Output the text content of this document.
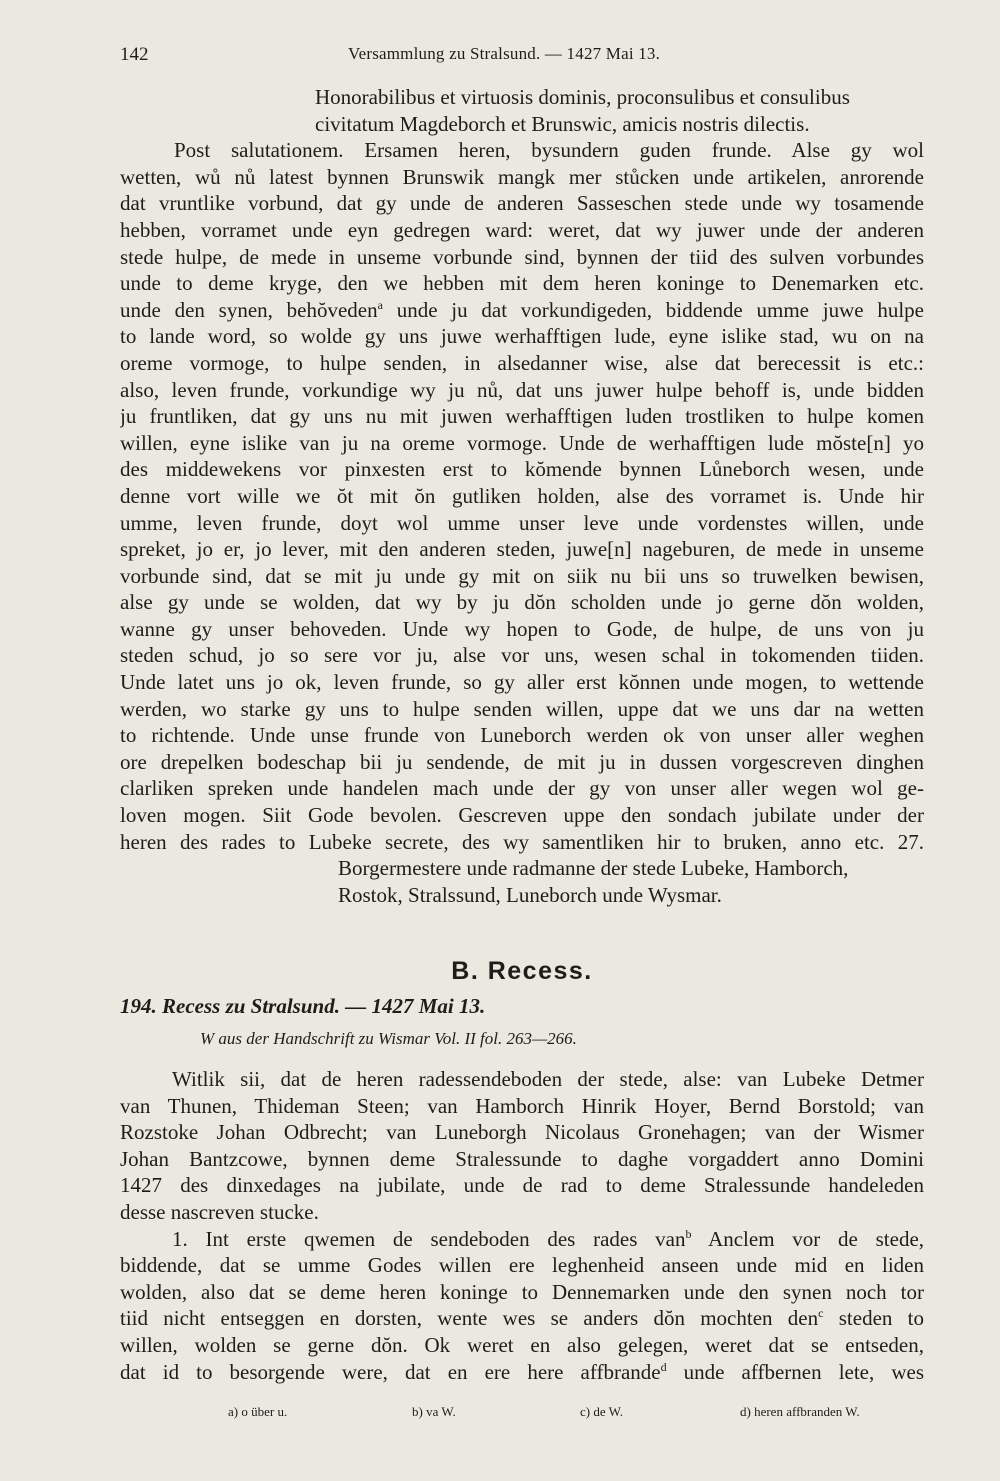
142	Versammlung zu Stralsund. — 1427 Mai 13.
Honorabilibus et virtuosis dominis, proconsulibus et consulibus
civitatum Magdeborch et Brunswic, amicis nostris dilectis.
Post salutationem. Ersamen heren, bysundern guden frunde. Alse gy wol
wetten, wů nů latest bynnen Brunswik mangk mer stůcken unde artikelen, anrorende
dat vruntlike vorbund, dat gy unde de anderen Sasseschen stede unde wy tosamende
hebben, vorramet unde eyn gedregen ward: weret, dat wy juwer unde der anderen
stede hulpe, de mede in unseme vorbunde sind, bynnen der tiid des sulven vorbundes
unde to deme kryge, den we hebben mit dem heren koninge to Denemarken etc.
unde den synen, behŏveden$^a$ unde ju dat vorkundigeden, biddende umme juwe hulpe
to lande word, so wolde gy uns juwe werhafftigen lude, eyne islike stad, wu on na
oreme vormoge, to hulpe senden, in alsedanner wise, alse dat berecessit is etc.:
also, leven frunde, vorkundige wy ju nů, dat uns juwer hulpe behoff is, unde bidden
ju fruntliken, dat gy uns nu mit juwen werhafftigen luden trostliken to hulpe komen
willen, eyne islike van ju na oreme vormoge. Unde de werhafftigen lude mŏste[n] yo
des middewekens vor pinxesten erst to kŏmende bynnen Lůneborch wesen, unde
denne vort wille we ŏt mit ŏn gutliken holden, alse des vorramet is. Unde hir
umme, leven frunde, doyt wol umme unser leve unde vordenstes willen, unde
spreket, jo er, jo lever, mit den anderen steden, juwe[n] nageburen, de mede in unseme
vorbunde sind, dat se mit ju unde gy mit on siik nu bii uns so truwelken bewisen,
alse gy unde se wolden, dat wy by ju dŏn scholden unde jo gerne dŏn wolden,
wanne gy unser behoveden. Unde wy hopen to Gode, de hulpe, de uns von ju
steden schud, jo so sere vor ju, alse vor uns, wesen schal in tokomenden tiiden.
Unde latet uns jo ok, leven frunde, so gy aller erst kŏnnen unde mogen, to wettende
werden, wo starke gy uns to hulpe senden willen, uppe dat we uns dar na wetten
to richtende. Unde unse frunde von Luneborch werden ok von unser aller weghen
ore drepelken bodeschap bii ju sendende, de mit ju in dussen vorgescreven dinghen
clarliken spreken unde handelen mach unde der gy von unser aller wegen wol ge-
loven mogen. Siit Gode bevolen. Gescreven uppe den sondach jubilate under der
heren des rades to Lubeke secrete, des wy samentliken hir to bruken, anno etc. 27.
Borgermestere unde radmanne der stede Lubeke, Hamborch,
Rostok, Stralssund, Luneborch unde Wysmar.
B. Recess.
194. Recess zu Stralsund. — 1427 Mai 13.
W aus der Handschrift zu Wismar Vol. II fol. 263—266.
Witlik sii, dat de heren radessendeboden der stede, alse: van Lubeke Detmer
van Thunen, Thideman Steen; van Hamborch Hinrik Hoyer, Bernd Borstold; van
Rozstoke Johan Odbrecht; van Luneborgh Nicolaus Gronehagen; van der Wismer
Johan Bantzcowe, bynnen deme Stralessunde to daghe vorgaddert anno Domini
1427 des dinxedages na jubilate, unde de rad to deme Stralessunde handeleden
desse nascreven stucke.
1. Int erste qwemen de sendeboden des rades van$^b$ Anclem vor de stede,
biddende, dat se umme Godes willen ere leghenheid anseen unde mid en liden
wolden, also dat se deme heren koninge to Dennemarken unde den synen noch tor
tiid nicht entseggen en dorsten, wente wes se anders dŏn mochten den$^c$ steden to
willen, wolden se gerne dŏn. Ok weret en also gelegen, weret dat se entseden,
dat id to besorgende were, dat en ere here affbrande$^d$ unde affbernen lete, wes
a) o über u.	b) va W.	c) de W.	d) heren affbranden W.
